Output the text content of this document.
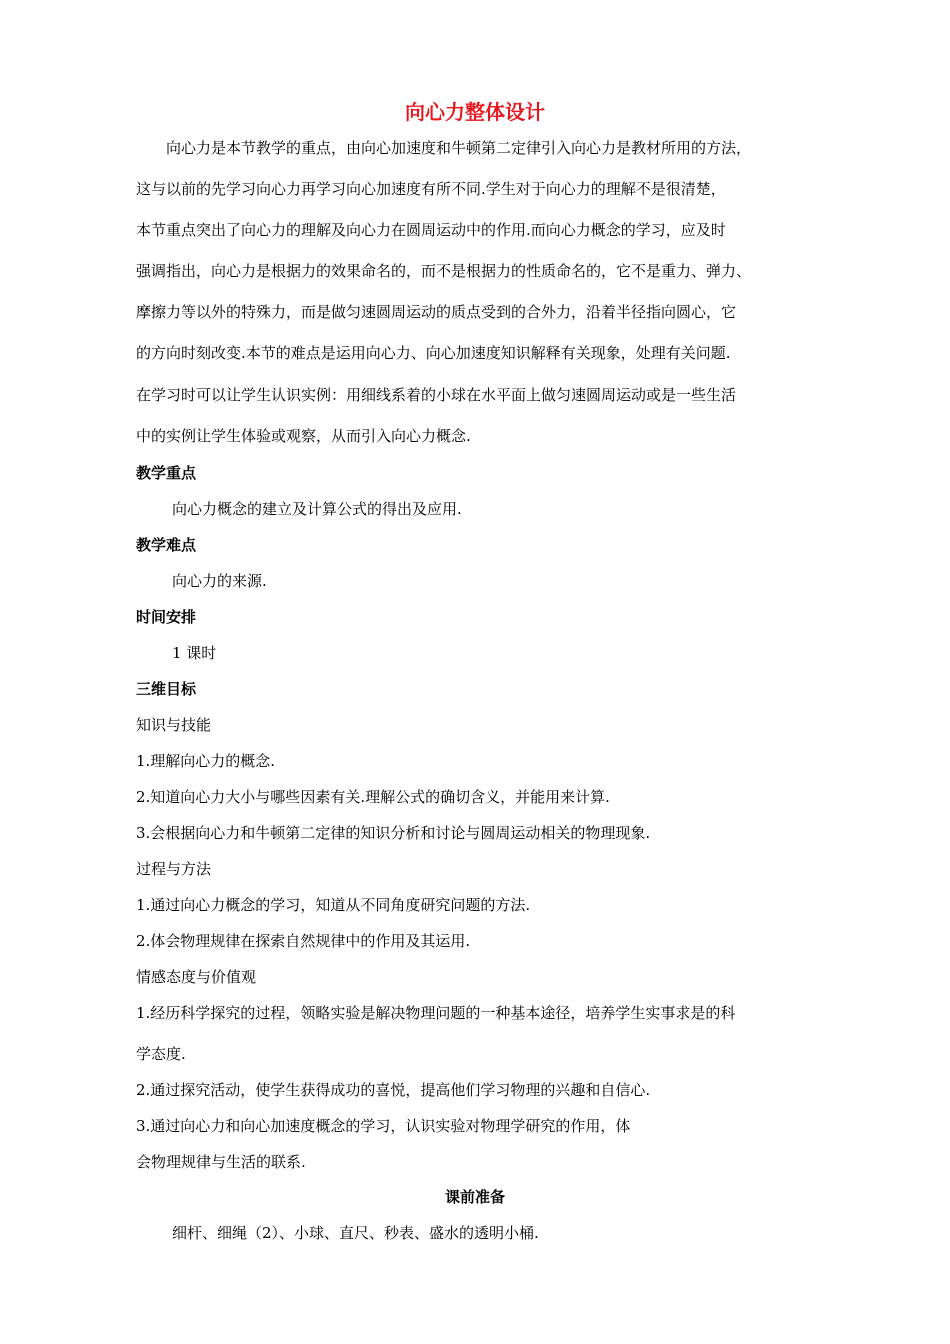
向心力整体设计
　　向心力是本节教学的重点，由向心加速度和牛顿第二定律引入向心力是教材所用的方法，
这与以前的先学习向心力再学习向心加速度有所不同.学生对于向心力的理解不是很清楚，
本节重点突出了向心力的理解及向心力在圆周运动中的作用.而向心力概念的学习，应及时
强调指出，向心力是根据力的效果命名的，而不是根据力的性质命名的，它不是重力、弹力、
摩擦力等以外的特殊力，而是做匀速圆周运动的质点受到的合外力，沿着半径指向圆心，它
的方向时刻改变.本节的难点是运用向心力、向心加速度知识解释有关现象，处理有关问题.
在学习时可以让学生认识实例：用细线系着的小球在水平面上做匀速圆周运动或是一些生活
中的实例让学生体验或观察，从而引入向心力概念.
教学重点
向心力概念的建立及计算公式的得出及应用.
教学难点
向心力的来源.
时间安排
1 课时
三维目标
知识与技能
1.理解向心力的概念.
2.知道向心力大小与哪些因素有关.理解公式的确切含义，并能用来计算.
3.会根据向心力和牛顿第二定律的知识分析和讨论与圆周运动相关的物理现象.
过程与方法
1.通过向心力概念的学习，知道从不同角度研究问题的方法.
2.体会物理规律在探索自然规律中的作用及其运用.
情感态度与价值观
1.经历科学探究的过程，领略实验是解决物理问题的一种基本途径，培养学生实事求是的科
学态度.
2.通过探究活动，使学生获得成功的喜悦，提高他们学习物理的兴趣和自信心.
3.通过向心力和向心加速度概念的学习，认识实验对物理学研究的作用，体
会物理规律与生活的联系.
课前准备
细杆、细绳（2）、小球、直尺、秒表、盛水的透明小桶.
